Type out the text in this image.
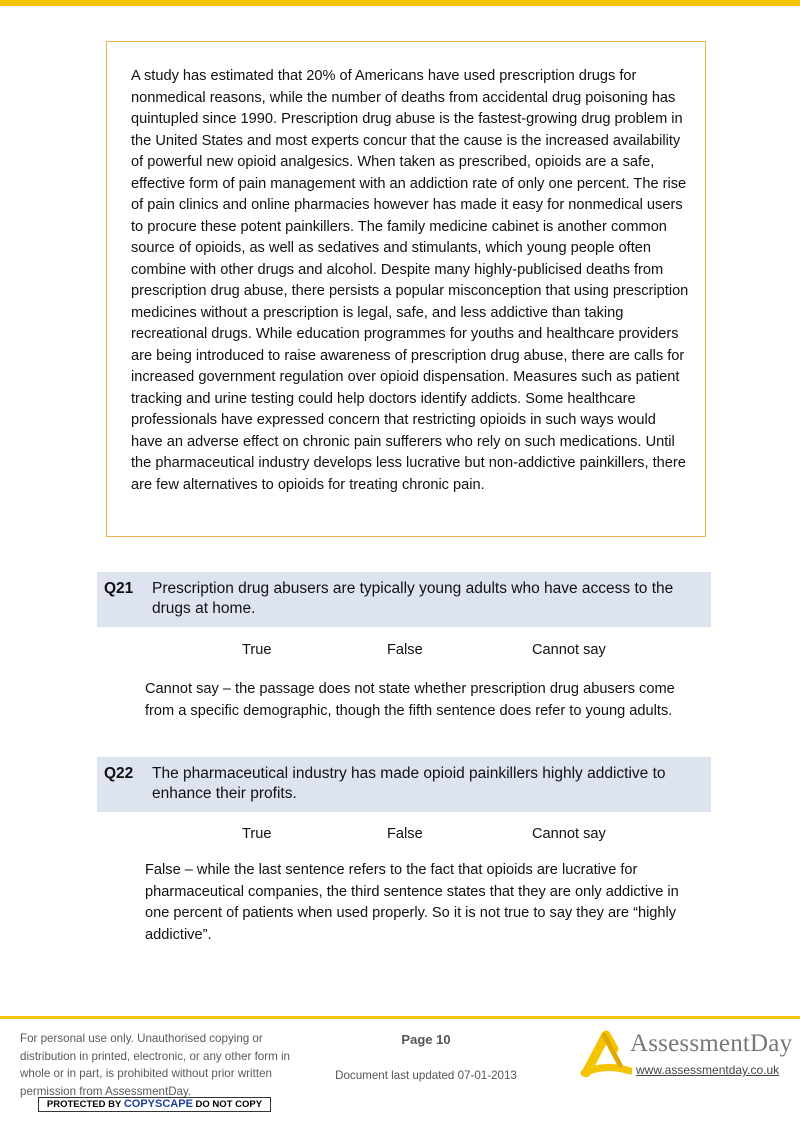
A study has estimated that 20% of Americans have used prescription drugs for nonmedical reasons, while the number of deaths from accidental drug poisoning has quintupled since 1990. Prescription drug abuse is the fastest-growing drug problem in the United States and most experts concur that the cause is the increased availability of powerful new opioid analgesics. When taken as prescribed, opioids are a safe, effective form of pain management with an addiction rate of only one percent. The rise of pain clinics and online pharmacies however has made it easy for nonmedical users to procure these potent painkillers. The family medicine cabinet is another common source of opioids, as well as sedatives and stimulants, which young people often combine with other drugs and alcohol. Despite many highly-publicised deaths from prescription drug abuse, there persists a popular misconception that using prescription medicines without a prescription is legal, safe, and less addictive than taking recreational drugs. While education programmes for youths and healthcare providers are being introduced to raise awareness of prescription drug abuse, there are calls for increased government regulation over opioid dispensation. Measures such as patient tracking and urine testing could help doctors identify addicts. Some healthcare professionals have expressed concern that restricting opioids in such ways would have an adverse effect on chronic pain sufferers who rely on such medications. Until the pharmaceutical industry develops less lucrative but non-addictive painkillers, there are few alternatives to opioids for treating chronic pain.

Q21	Prescription drug abusers are typically young adults who have access to the drugs at home.
True	False	Cannot say

Cannot say – the passage does not state whether prescription drug abusers come from a specific demographic, though the fifth sentence does refer to young adults.

Q22	The pharmaceutical industry has made opioid painkillers highly addictive to enhance their profits.
True	False	Cannot say

False – while the last sentence refers to the fact that opioids are lucrative for pharmaceutical companies, the third sentence states that they are only addictive in one percent of patients when used properly. So it is not true to say they are “highly addictive”.

For personal use only. Unauthorised copying or distribution in printed, electronic, or any other form in whole or in part, is prohibited without prior written permission from AssessmentDay.

PROTECTED BY COPYSCAPE DO NOT COPY
Page 10
Document last updated 07-01-2013
AssessmentDay
www.assessmentday.co.uk
